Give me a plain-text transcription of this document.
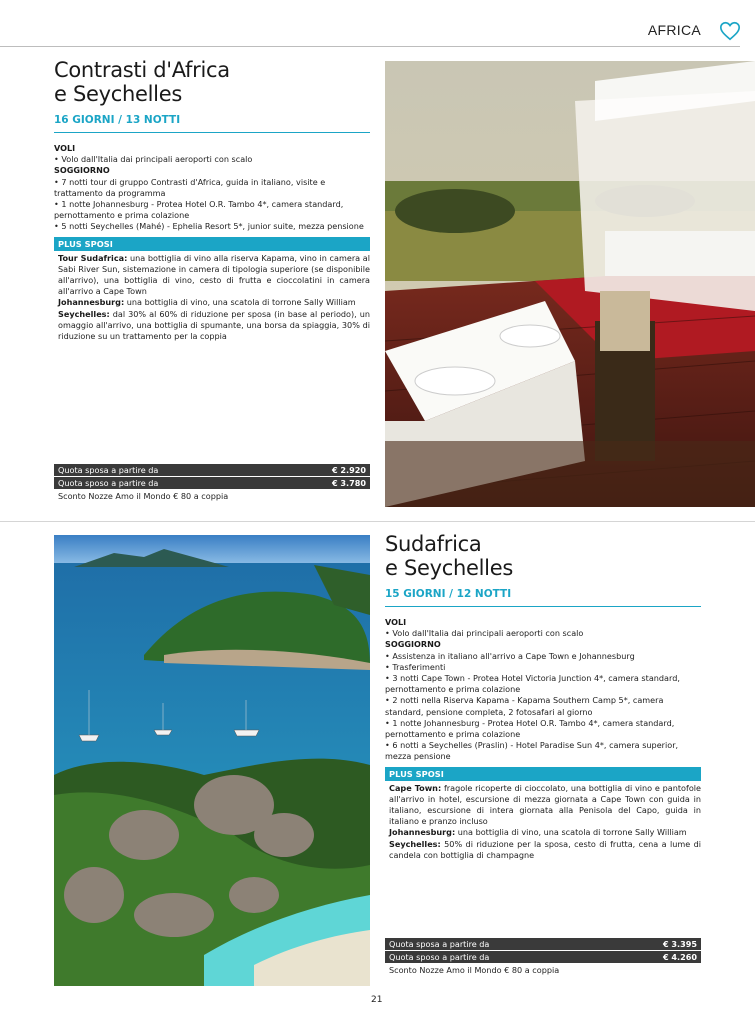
AFRICA
Contrasti d'Africa
e Seychelles
16 GIORNI / 13 NOTTI
VOLI
• Volo dall'Italia dai principali aeroporti con scalo
SOGGIORNO
• 7 notti tour di gruppo Contrasti d'Africa, guida in italiano, visite e trattamento da programma
• 1 notte Johannesburg - Protea Hotel O.R. Tambo 4*, camera standard, pernottamento e prima colazione
• 5 notti Seychelles (Mahé) - Ephelia Resort 5*, junior suite, mezza pensione
PLUS SPOSI
Tour Sudafrica: una bottiglia di vino alla riserva Kapama, vino in camera al Sabi River Sun, sistemazione in camera di tipologia superiore (se disponibile all'arrivo), una bottiglia di vino, cesto di frutta e cioccolatini in camera all'arrivo a Cape Town
Johannesburg: una bottiglia di vino, una scatola di torrone Sally William
Seychelles: dal 30% al 60% di riduzione per sposa (in base al periodo), un omaggio all'arrivo, una bottiglia di spumante, una borsa da spiaggia, 30% di riduzione su un trattamento per la coppia
Quota sposa a partire da	€ 2.920
Quota sposo a partire da	€ 3.780
Sconto Nozze Amo il Mondo € 80 a coppia
Sudafrica
e Seychelles
15 GIORNI / 12 NOTTI
VOLI
• Volo dall'Italia dai principali aeroporti con scalo
SOGGIORNO
• Assistenza in italiano all'arrivo a Cape Town e Johannesburg
• Trasferimenti
• 3 notti Cape Town - Protea Hotel Victoria Junction 4*, camera standard, pernottamento e prima colazione
• 2 notti nella Riserva Kapama - Kapama Southern Camp 5*, camera standard, pensione completa, 2 fotosafari al giorno
• 1 notte Johannesburg - Protea Hotel O.R. Tambo 4*, camera standard, pernottamento e prima colazione
• 6 notti a Seychelles (Praslin) - Hotel Paradise Sun 4*, camera superior, mezza pensione
PLUS SPOSI
Cape Town: fragole ricoperte di cioccolato, una bottiglia di vino e pantofole all'arrivo in hotel, escursione di mezza giornata a Cape Town con guida in italiano, escursione di intera giornata alla Penisola del Capo, guida in italiano e pranzo incluso
Johannesburg: una bottiglia di vino, una scatola di torrone Sally William
Seychelles: 50% di riduzione per la sposa, cesto di frutta, cena a lume di candela con bottiglia di champagne
Quota sposa a partire da	€ 3.395
Quota sposo a partire da	€ 4.260
Sconto Nozze Amo il Mondo € 80 a coppia
21
